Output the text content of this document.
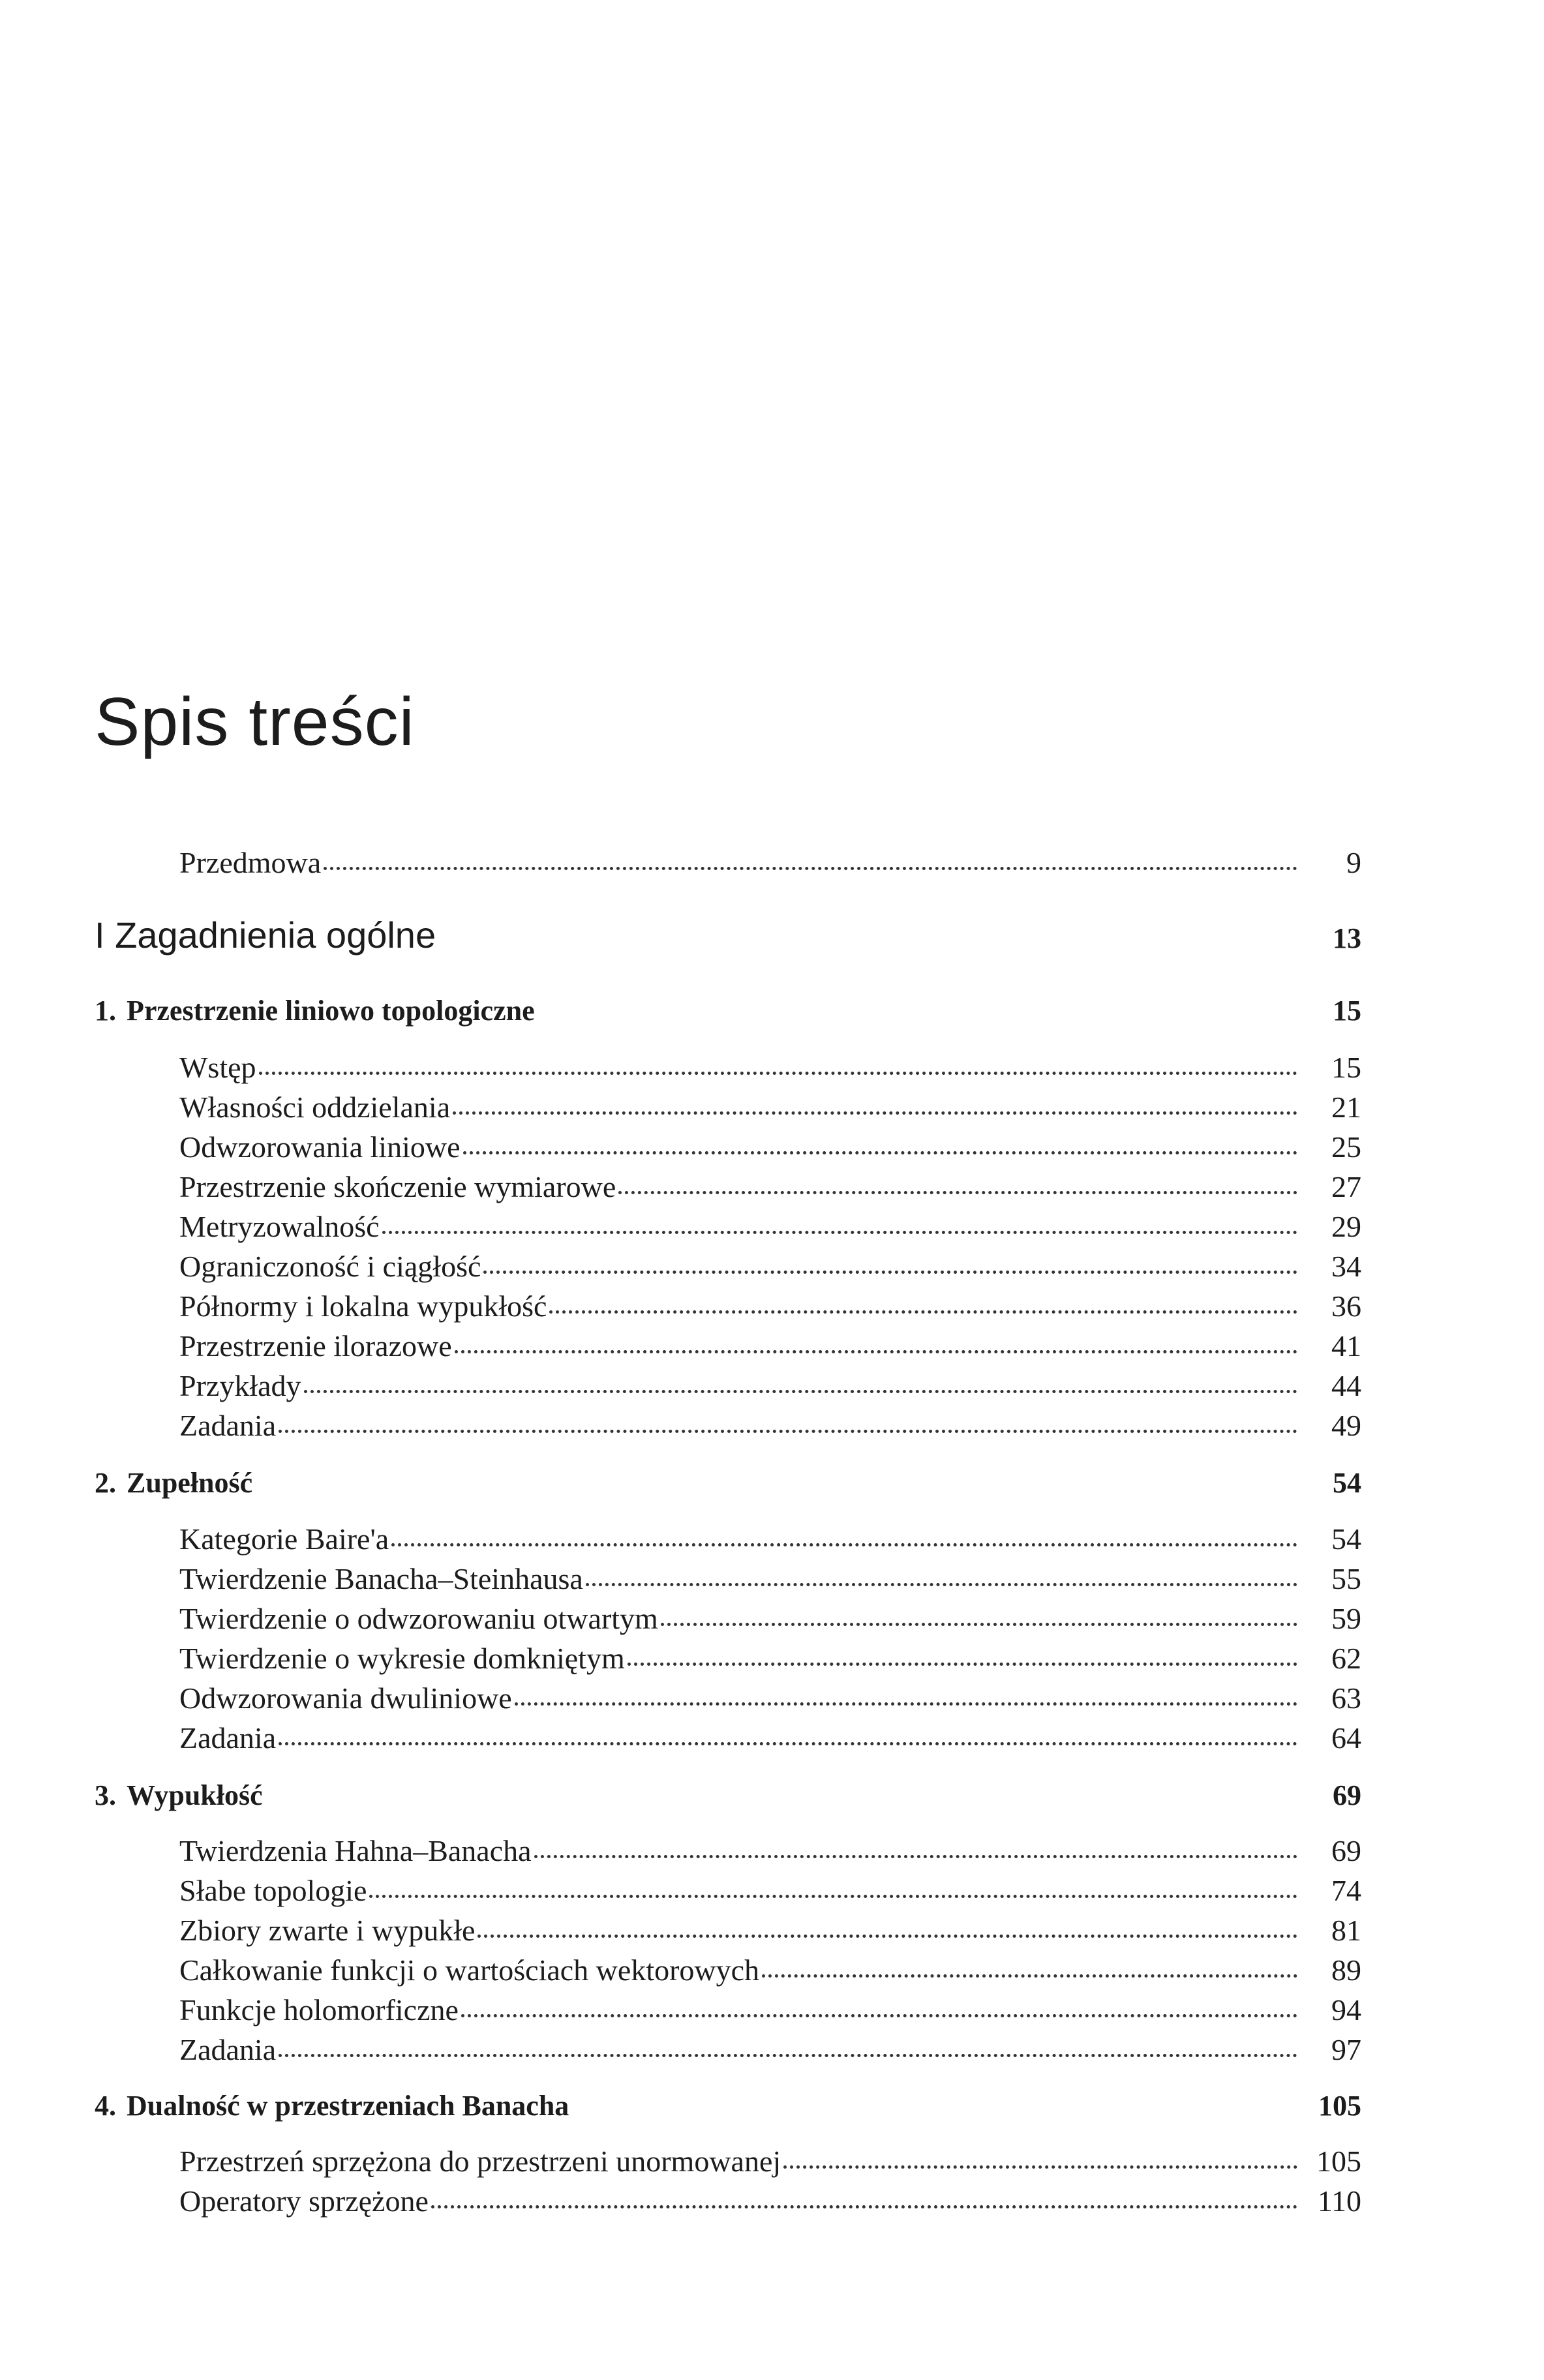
Spis treści
Przedmowa	9
I Zagadnienia ogólne	13
1. Przestrzenie liniowo topologiczne	15
Wstęp	15
Własności oddzielania	21
Odwzorowania liniowe	25
Przestrzenie skończenie wymiarowe	27
Metryzowalność	29
Ograniczoność i ciągłość	34
Półnormy i lokalna wypukłość	36
Przestrzenie ilorazowe	41
Przykłady	44
Zadania	49
2. Zupełność	54
Kategorie Baire'a	54
Twierdzenie Banacha–Steinhausa	55
Twierdzenie o odwzorowaniu otwartym	59
Twierdzenie o wykresie domkniętym	62
Odwzorowania dwuliniowe	63
Zadania	64
3. Wypukłość	69
Twierdzenia Hahna–Banacha	69
Słabe topologie	74
Zbiory zwarte i wypukłe	81
Całkowanie funkcji o wartościach wektorowych	89
Funkcje holomorficzne	94
Zadania	97
4. Dualność w przestrzeniach Banacha	105
Przestrzeń sprzężona do przestrzeni unormowanej	105
Operatory sprzężone	110
